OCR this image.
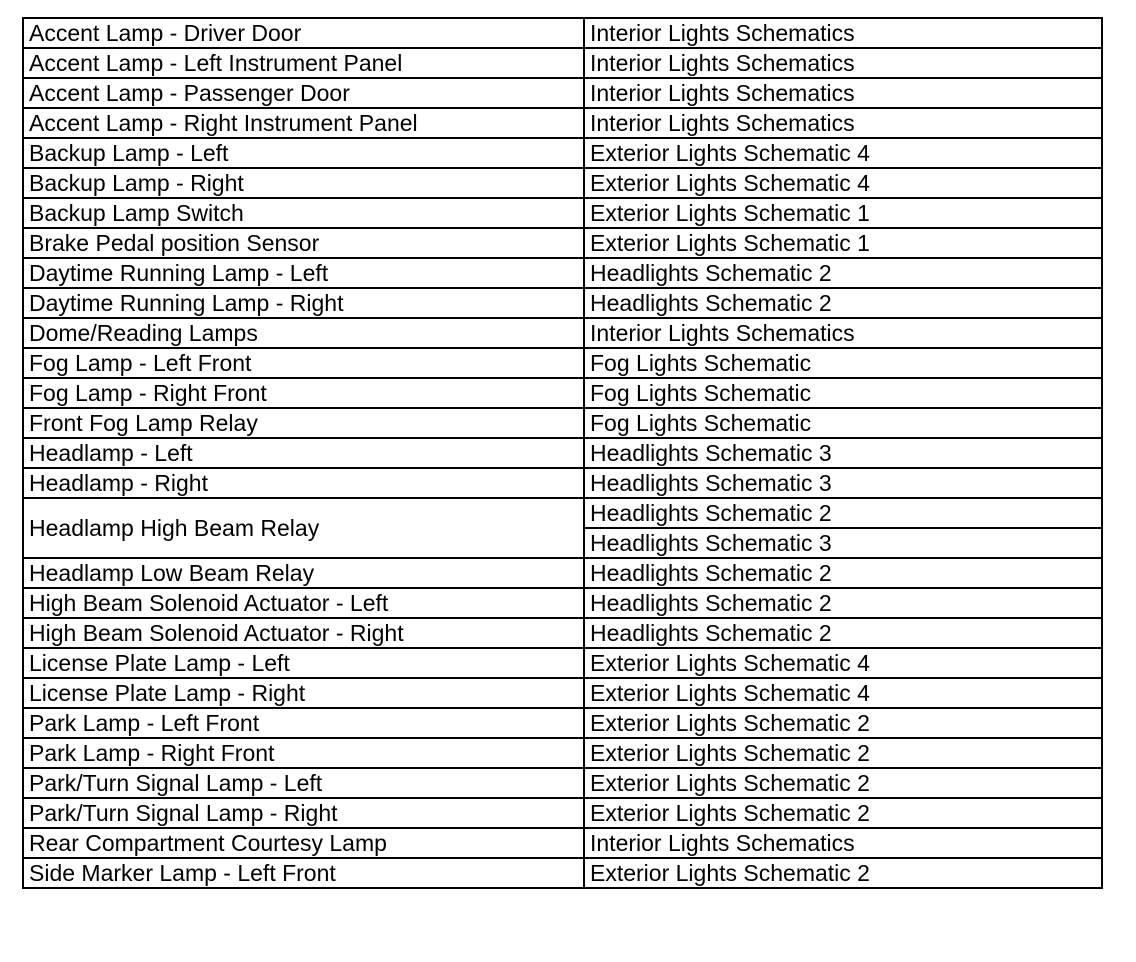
Accent Lamp - Driver Door	Interior Lights Schematics
Accent Lamp - Left Instrument Panel	Interior Lights Schematics
Accent Lamp - Passenger Door	Interior Lights Schematics
Accent Lamp - Right Instrument Panel	Interior Lights Schematics
Backup Lamp - Left	Exterior Lights Schematic 4
Backup Lamp - Right	Exterior Lights Schematic 4
Backup Lamp Switch	Exterior Lights Schematic 1
Brake Pedal position Sensor	Exterior Lights Schematic 1
Daytime Running Lamp - Left	Headlights Schematic 2
Daytime Running Lamp - Right	Headlights Schematic 2
Dome/Reading Lamps	Interior Lights Schematics
Fog Lamp - Left Front	Fog Lights Schematic
Fog Lamp - Right Front	Fog Lights Schematic
Front Fog Lamp Relay	Fog Lights Schematic
Headlamp - Left	Headlights Schematic 3
Headlamp - Right	Headlights Schematic 3
Headlamp High Beam Relay	Headlights Schematic 2
	Headlights Schematic 3
Headlamp Low Beam Relay	Headlights Schematic 2
High Beam Solenoid Actuator - Left	Headlights Schematic 2
High Beam Solenoid Actuator - Right	Headlights Schematic 2
License Plate Lamp - Left	Exterior Lights Schematic 4
License Plate Lamp - Right	Exterior Lights Schematic 4
Park Lamp - Left Front	Exterior Lights Schematic 2
Park Lamp - Right Front	Exterior Lights Schematic 2
Park/Turn Signal Lamp - Left	Exterior Lights Schematic 2
Park/Turn Signal Lamp - Right	Exterior Lights Schematic 2
Rear Compartment Courtesy Lamp	Interior Lights Schematics
Side Marker Lamp - Left Front	Exterior Lights Schematic 2
